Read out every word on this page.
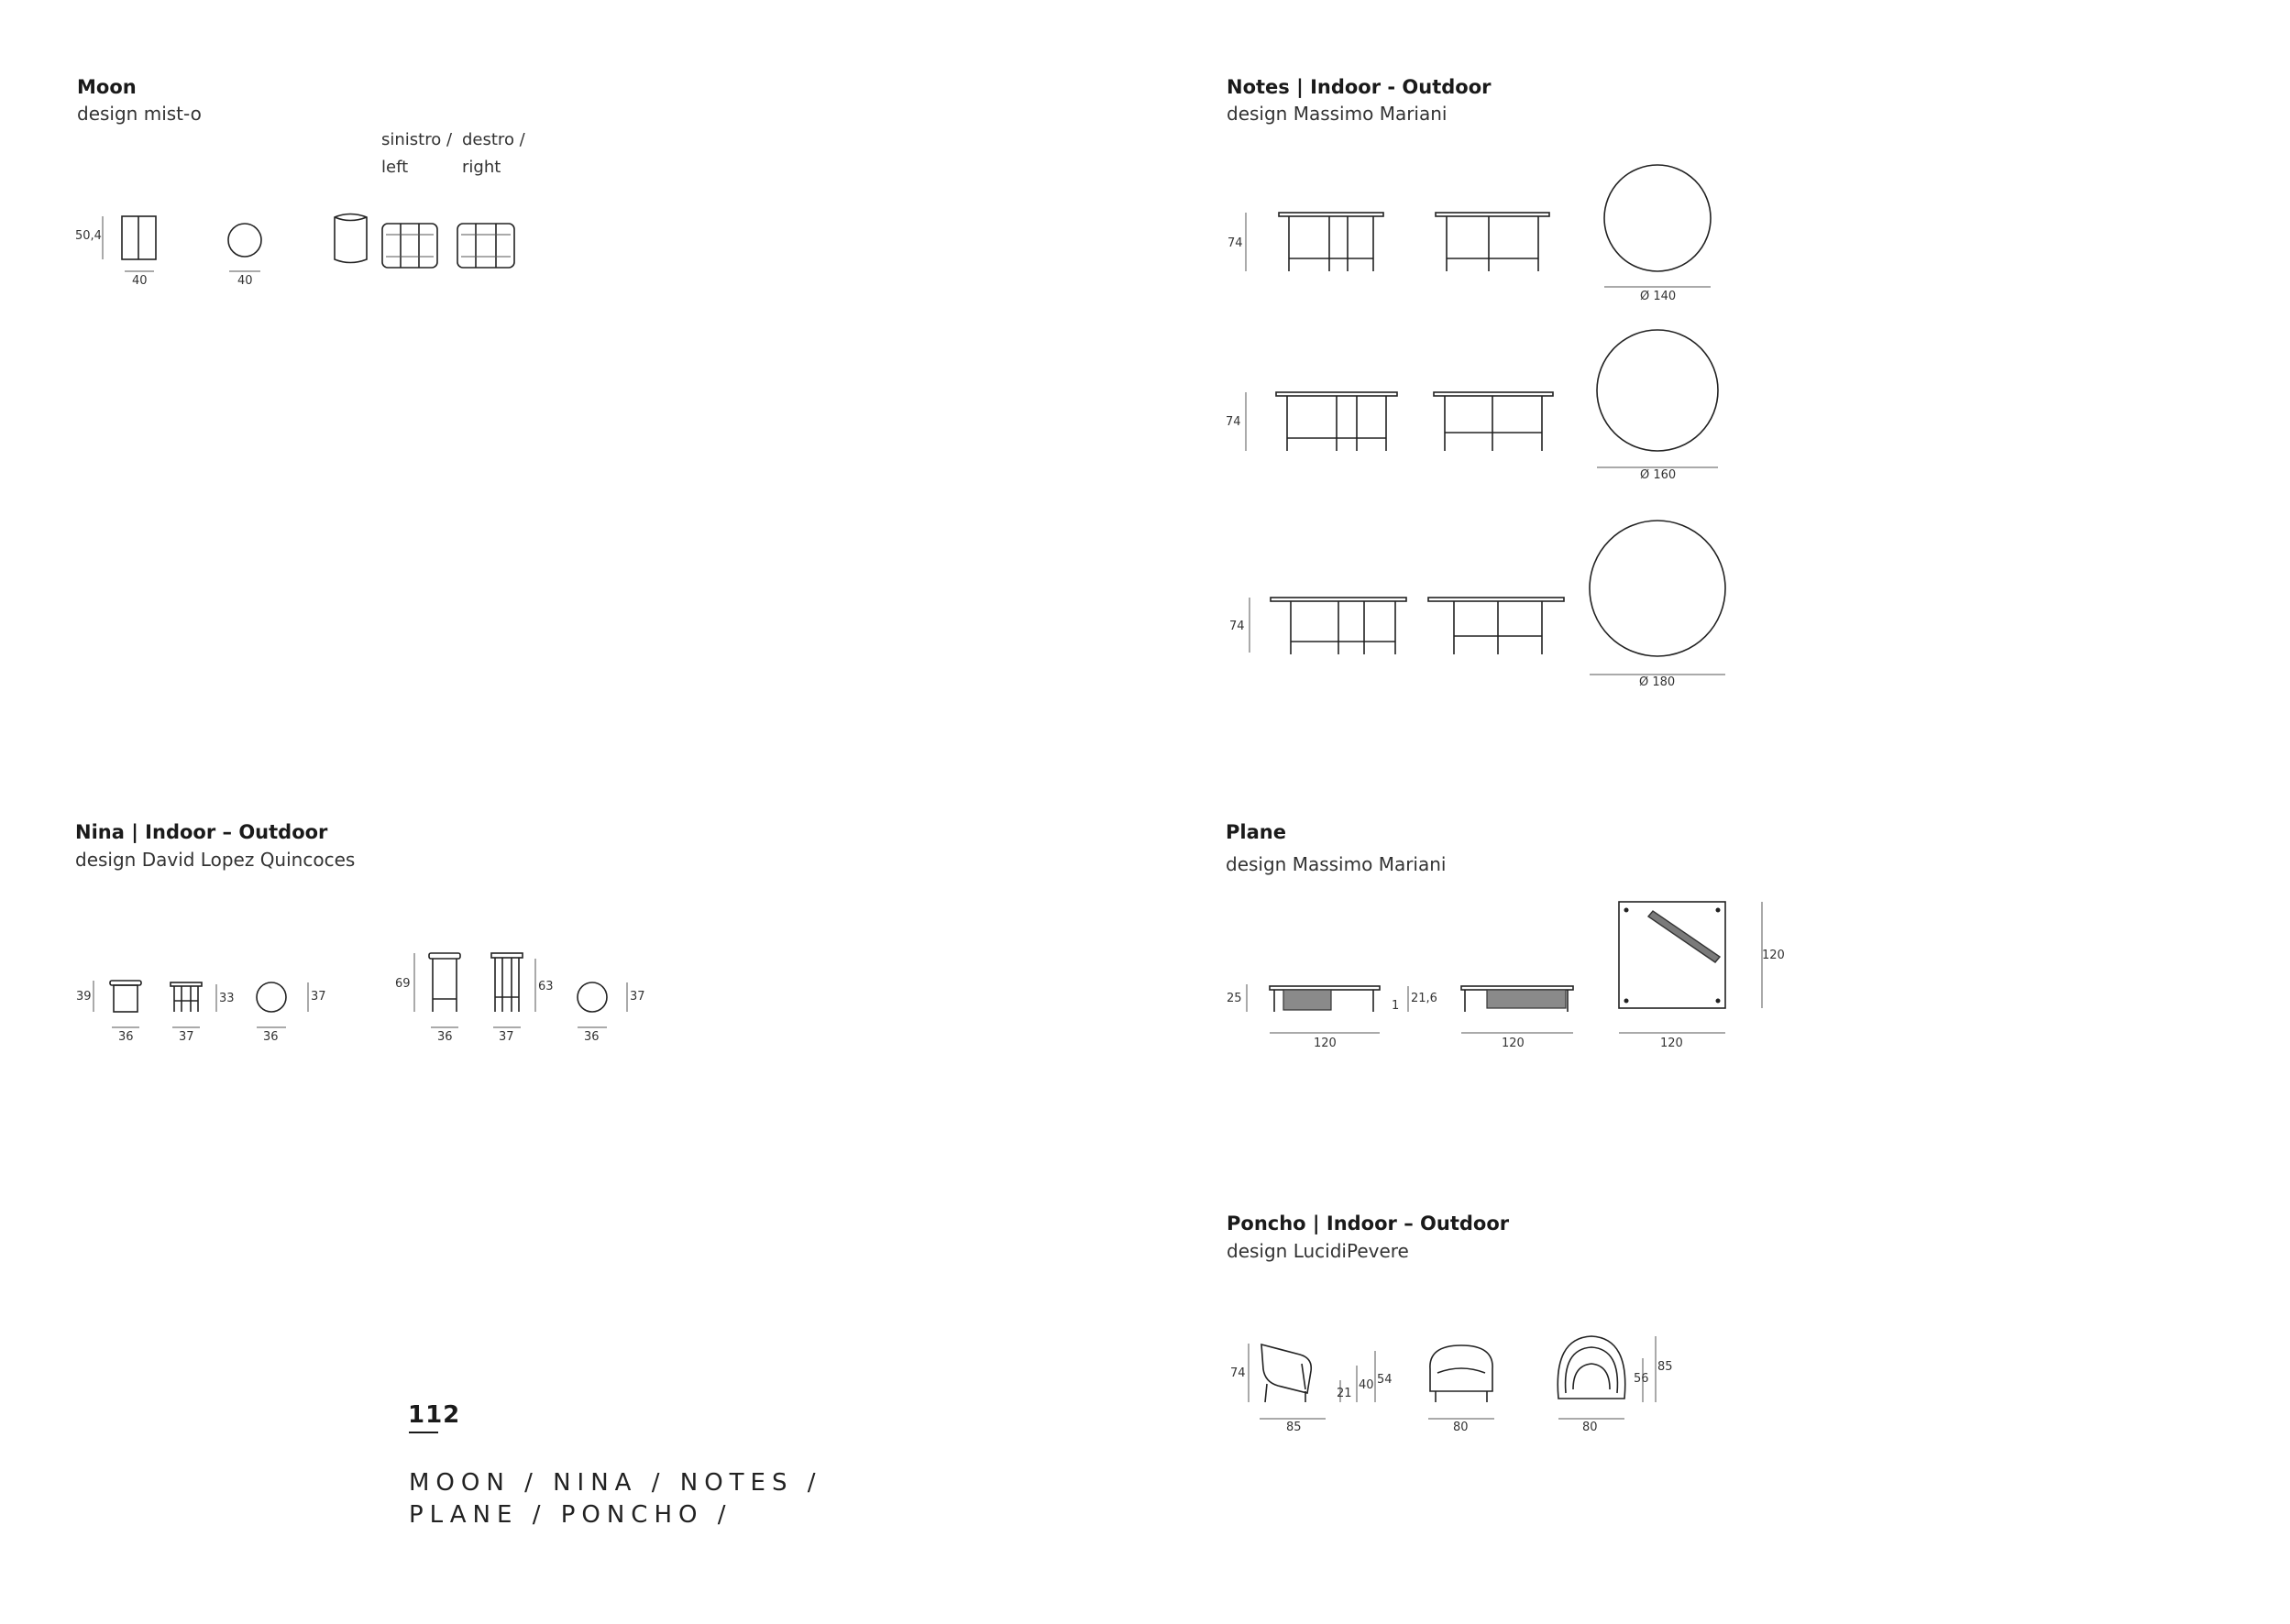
Moon
design mist-o
sinistro /
left
destro /
right
50,4
40	40
Notes | Indoor - Outdoor
design Massimo Mariani
74
Ø 140
74
Ø 160
74
Ø 180
Nina | Indoor – Outdoor
design David Lopez Quincoces
39	33	37
36	37	36
69	63
37
36	37	36
Plane
design Massimo Mariani
25
1
21,6
120	120	120
120
Poncho | Indoor – Outdoor
design LucidiPevere
74
21
40 54
85	80	80
56
85
112
MOON / NINA / NOTES /
PLANE / PONCHO /
